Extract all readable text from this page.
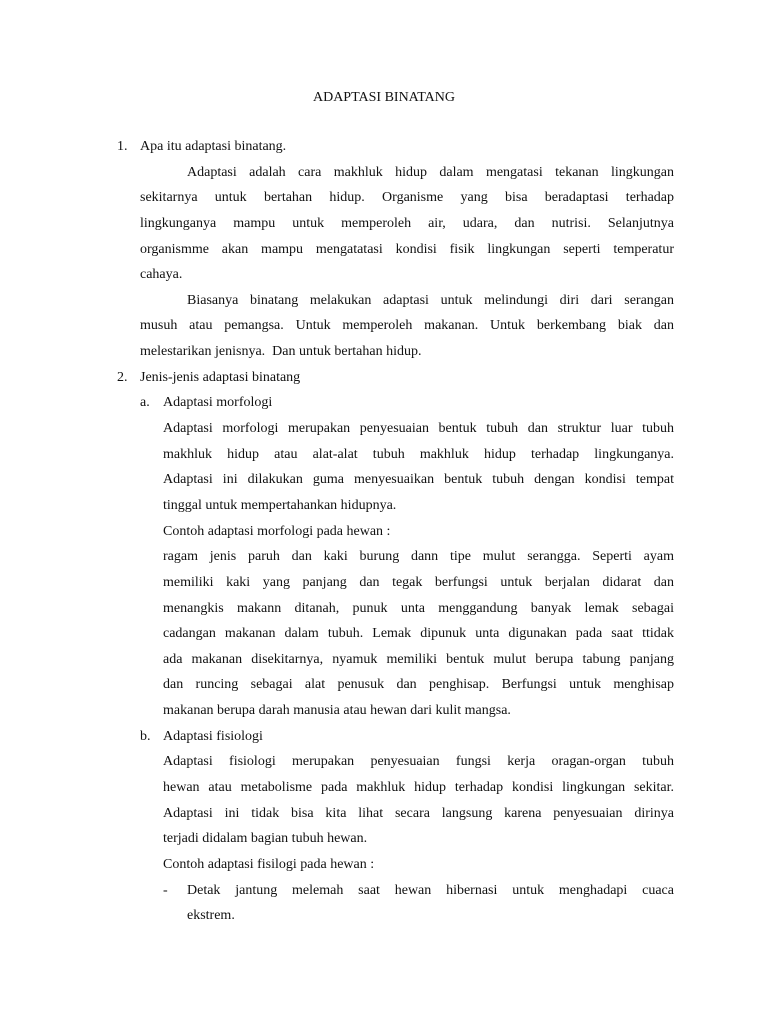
ADAPTASI BINATANG
1. Apa itu adaptasi binatang.
Adaptasi adalah cara makhluk hidup dalam mengatasi tekanan lingkungan
sekitarnya untuk bertahan hidup. Organisme yang bisa beradaptasi terhadap
lingkunganya mampu untuk memperoleh air, udara, dan nutrisi. Selanjutnya
organismme akan mampu mengatatasi kondisi fisik lingkungan seperti temperatur
cahaya.
Biasanya binatang melakukan adaptasi untuk melindungi diri dari serangan
musuh atau pemangsa. Untuk memperoleh makanan. Untuk berkembang biak dan
melestarikan jenisnya.  Dan untuk bertahan hidup.
2. Jenis-jenis adaptasi binatang
a. Adaptasi morfologi
Adaptasi morfologi merupakan penyesuaian bentuk tubuh dan struktur luar tubuh
makhluk hidup atau alat-alat tubuh makhluk hidup terhadap lingkunganya.
Adaptasi ini dilakukan guma menyesuaikan bentuk tubuh dengan kondisi tempat
tinggal untuk mempertahankan hidupnya.
Contoh adaptasi morfologi pada hewan :
ragam jenis paruh dan kaki burung dann tipe mulut serangga. Seperti ayam
memiliki kaki yang panjang dan tegak berfungsi untuk berjalan didarat dan
menangkis makann ditanah, punuk unta menggandung banyak lemak sebagai
cadangan makanan dalam tubuh. Lemak dipunuk unta digunakan pada saat ttidak
ada makanan disekitarnya, nyamuk memiliki bentuk mulut berupa tabung panjang
dan runcing sebagai alat penusuk dan penghisap. Berfungsi untuk menghisap
makanan berupa darah manusia atau hewan dari kulit mangsa.
b. Adaptasi fisiologi
Adaptasi fisiologi merupakan penyesuaian fungsi kerja oragan-organ tubuh
hewan atau metabolisme pada makhluk hidup terhadap kondisi lingkungan sekitar.
Adaptasi ini tidak bisa kita lihat secara langsung karena penyesuaian dirinya
terjadi didalam bagian tubuh hewan.
Contoh adaptasi fisilogi pada hewan :
- Detak jantung melemah saat hewan hibernasi untuk menghadapi cuaca
ekstrem.
